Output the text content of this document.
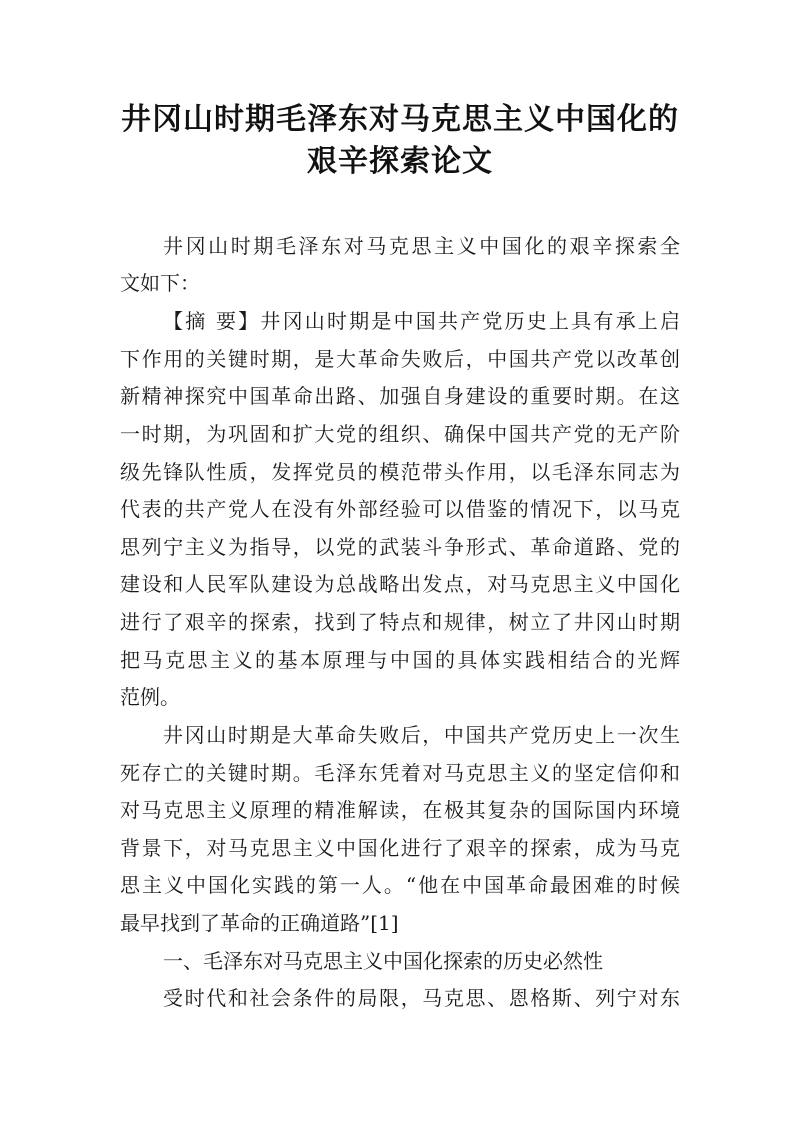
井冈山时期毛泽东对马克思主义中国化的
艰辛探索论文
井冈山时期毛泽东对马克思主义中国化的艰辛探索全
文如下：
【摘 要】井冈山时期是中国共产党历史上具有承上启
下作用的关键时期，是大革命失败后，中国共产党以改革创
新精神探究中国革命出路、加强自身建设的重要时期。在这
一时期，为巩固和扩大党的组织、确保中国共产党的无产阶
级先锋队性质，发挥党员的模范带头作用，以毛泽东同志为
代表的共产党人在没有外部经验可以借鉴的情况下，以马克
思列宁主义为指导，以党的武装斗争形式、革命道路、党的
建设和人民军队建设为总战略出发点，对马克思主义中国化
进行了艰辛的探索，找到了特点和规律，树立了井冈山时期
把马克思主义的基本原理与中国的具体实践相结合的光辉
范例。
井冈山时期是大革命失败后，中国共产党历史上一次生
死存亡的关键时期。毛泽东凭着对马克思主义的坚定信仰和
对马克思主义原理的精准解读，在极其复杂的国际国内环境
背景下，对马克思主义中国化进行了艰辛的探索，成为马克
思主义中国化实践的第一人。“他在中国革命最困难的时候
最早找到了革命的正确道路”[1]
一、毛泽东对马克思主义中国化探索的历史必然性
受时代和社会条件的局限，马克思、恩格斯、列宁对东
